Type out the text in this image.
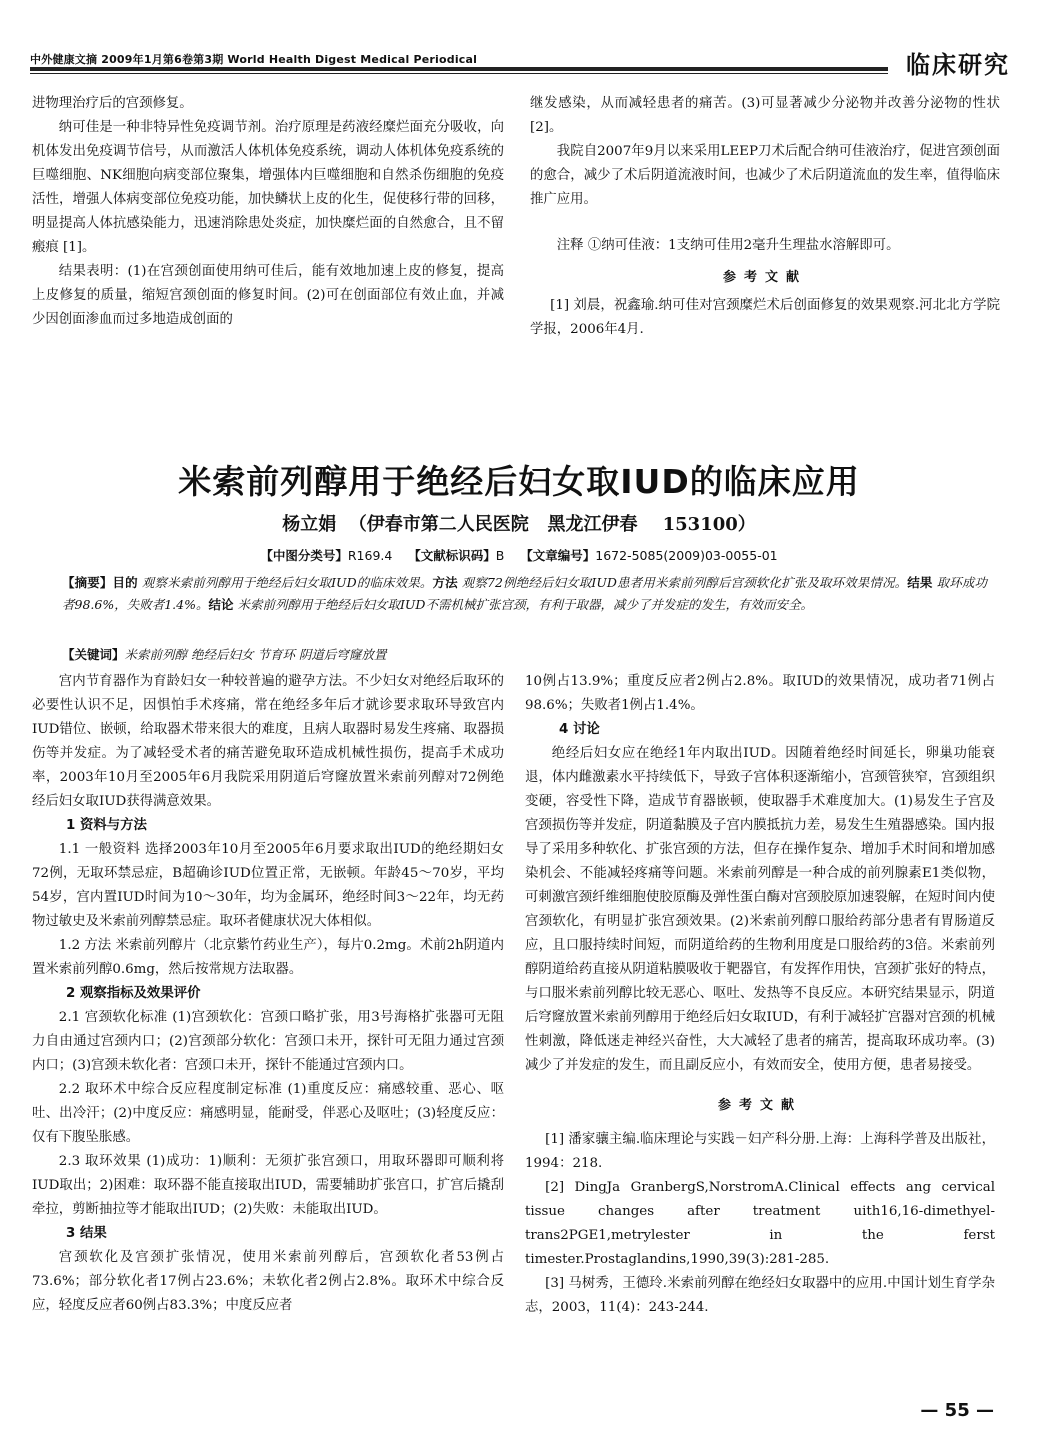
中外健康文摘 2009年1月第6卷第3期 World Health Digest Medical Periodical	临床研究

进物理治疗后的宫颈修复。

纳可佳是一种非特异性免疫调节剂。治疗原理是药液经糜烂面充分吸收，向机体发出免疫调节信号，从而激活人体机体免疫系统，调动人体机体免疫系统的巨噬细胞、NK细胞向病变部位聚集，增强体内巨噬细胞和自然杀伤细胞的免疫活性，增强人体病变部位免疫功能，加快鳞状上皮的化生，促使移行带的回移，明显提高人体抗感染能力，迅速消除患处炎症，加快糜烂面的自然愈合，且不留瘢痕 [1]。

结果表明：(1)在宫颈创面使用纳可佳后，能有效地加速上皮的修复，提高上皮修复的质量，缩短宫颈创面的修复时间。(2)可在创面部位有效止血，并减少因创面渗血而过多地造成创面的

继发感染，从而减轻患者的痛苦。(3)可显著减少分泌物并改善分泌物的性状[2]。

我院自2007年9月以来采用LEEP刀术后配合纳可佳液治疗，促进宫颈创面的愈合，减少了术后阴道流液时间，也减少了术后阴道流血的发生率，值得临床推广应用。

注释 ①纳可佳液：1支纳可佳用2毫升生理盐水溶解即可。

参考文献

[1] 刘晨，祝鑫瑜.纳可佳对宫颈糜烂术后创面修复的效果观察.河北北方学院学报，2006年4月.

米索前列醇用于绝经后妇女取IUD的临床应用
杨立娟  （伊春市第二人民医院   黑龙江伊春    153100）
【中图分类号】R169.4 【文献标识码】B 【文章编号】1672-5085(2009)03-0055-01
【摘要】目的 观察米索前列醇用于绝经后妇女取IUD的临床效果。方法 观察72例绝经后妇女取IUD患者用米索前列醇后宫颈软化扩张及取环效果情况。结果 取环成功者98.6%，失败者1.4%。结论 米索前列醇用于绝经后妇女取IUD不需机械扩张宫颈，有利于取器，减少了并发症的发生，有效而安全。
【关键词】米索前列醇 绝经后妇女 节育环 阴道后穹窿放置

宫内节育器作为育龄妇女一种较普遍的避孕方法。不少妇女对绝经后取环的必要性认识不足，因惧怕手术疼痛，常在绝经多年后才就诊要求取环导致宫内IUD错位、嵌顿，给取器术带来很大的难度，且病人取器时易发生疼痛、取器损伤等并发症。为了减轻受术者的痛苦避免取环造成机械性损伤，提高手术成功率，2003年10月至2005年6月我院采用阴道后穹窿放置米索前列醇对72例绝经后妇女取IUD获得满意效果。

1 资料与方法

1.1 一般资料 选择2003年10月至2005年6月要求取出IUD的绝经期妇女72例，无取环禁忌症，B超确诊IUD位置正常，无嵌顿。年龄45～70岁，平均54岁，宫内置IUD时间为10～30年，均为金属环，绝经时间3～22年，均无药物过敏史及米索前列醇禁忌症。取环者健康状况大体相似。

1.2 方法 米索前列醇片（北京紫竹药业生产），每片0.2mg。术前2h阴道内置米索前列醇0.6mg，然后按常规方法取器。

2 观察指标及效果评价

2.1 宫颈软化标准 (1)宫颈软化：宫颈口略扩张，用3号海格扩张器可无阻力自由通过宫颈内口；(2)宫颈部分软化：宫颈口未开，探针可无阻力通过宫颈内口；(3)宫颈未软化者：宫颈口未开，探针不能通过宫颈内口。

2.2 取环术中综合反应程度制定标准 (1)重度反应：痛感较重、恶心、呕吐、出冷汗；(2)中度反应：痛感明显，能耐受，伴恶心及呕吐；(3)轻度反应：仅有下腹坠胀感。

2.3 取环效果 (1)成功：1)顺利：无须扩张宫颈口，用取环器即可顺利将IUD取出；2)困难：取环器不能直接取出IUD，需要辅助扩张宫口，扩宫后撬刮牵拉，剪断抽拉等才能取出IUD；(2)失败：未能取出IUD。

3 结果

宫颈软化及宫颈扩张情况，使用米索前列醇后，宫颈软化者53例占73.6%；部分软化者17例占23.6%；未软化者2例占2.8%。取环术中综合反应，轻度反应者60例占83.3%；中度反应者

10例占13.9%；重度反应者2例占2.8%。取IUD的效果情况，成功者71例占98.6%；失败者1例占1.4%。

4 讨论

绝经后妇女应在绝经1年内取出IUD。因随着绝经时间延长，卵巢功能衰退，体内雌激素水平持续低下，导致子宫体积逐渐缩小，宫颈管狭窄，宫颈组织变硬，容受性下降，造成节育器嵌顿，使取器手术难度加大。(1)易发生子宫及宫颈损伤等并发症，阴道黏膜及子宫内膜抵抗力差，易发生生殖器感染。国内报导了采用多种软化、扩张宫颈的方法，但存在操作复杂、增加手术时间和增加感染机会、不能减轻疼痛等问题。米索前列醇是一种合成的前列腺素E1类似物，可刺激宫颈纤维细胞使胶原酶及弹性蛋白酶对宫颈胶原加速裂解，在短时间内使宫颈软化，有明显扩张宫颈效果。(2)米索前列醇口服给药部分患者有胃肠道反应，且口服持续时间短，而阴道给药的生物利用度是口服给药的3倍。米索前列醇阴道给药直接从阴道粘膜吸收于靶器官，有发挥作用快，宫颈扩张好的特点，与口服米索前列醇比较无恶心、呕吐、发热等不良反应。本研究结果显示，阴道后穹窿放置米索前列醇用于绝经后妇女取IUD，有利于减轻扩宫器对宫颈的机械性刺激，降低迷走神经兴奋性，大大减轻了患者的痛苦，提高取环成功率。(3)减少了并发症的发生，而且副反应小，有效而安全，使用方便，患者易接受。

参考文献

[1] 潘家骧主编.临床理论与实践－妇产科分册.上海：上海科学普及出版社，1994：218.

[2] DingJa GranbergS,NorstromA.Clinical effects ang cervical tissue changes after treatment uith16,16-dimethyel-trans2PGE1,metrylester in the ferst timester.Prostaglandins,1990,39(3):281-285.

[3] 马树秀，王德玲.米索前列醇在绝经妇女取器中的应用.中国计划生育学杂志，2003，11(4)：243-244.

— 55 —
